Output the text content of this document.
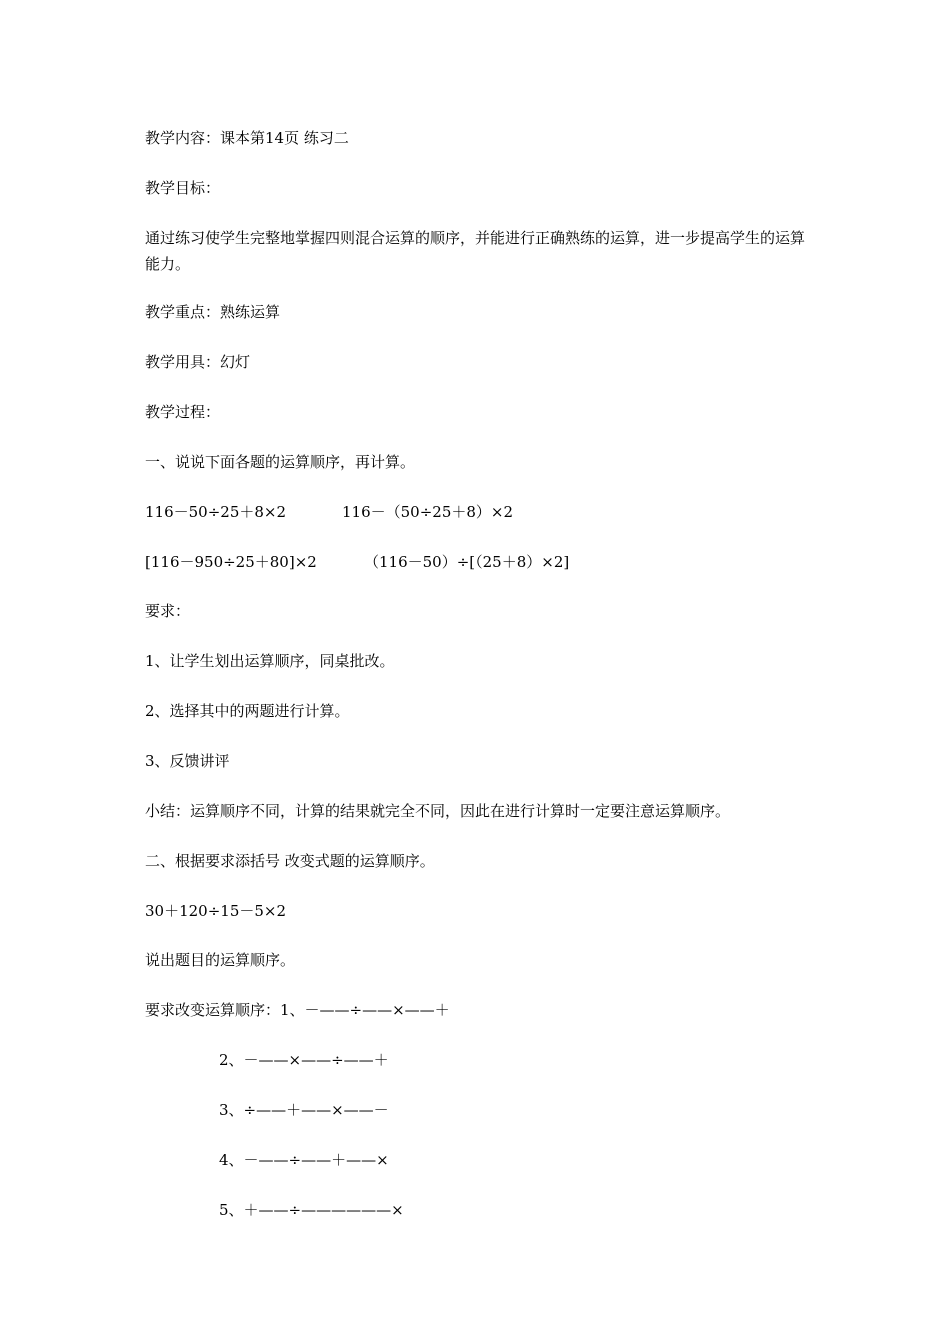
教学内容：课本第14页 练习二
教学目标：
通过练习使学生完整地掌握四则混合运算的顺序，并能进行正确熟练的运算，进一步提高学生的运算能力。
教学重点：熟练运算
教学用具：幻灯
教学过程：
一、说说下面各题的运算顺序，再计算。
116－50÷25＋8×2	116－（50÷25＋8）×2
[116－950÷25＋80]×2	（116－50）÷[（25＋8）×2]
要求：
1、让学生划出运算顺序，同桌批改。
2、选择其中的两题进行计算。
3、反馈讲评
小结：运算顺序不同，计算的结果就完全不同，因此在进行计算时一定要注意运算顺序。
二、根据要求添括号 改变式题的运算顺序。
30＋120÷15－5×2
说出题目的运算顺序。
要求改变运算顺序：1、－——÷——×——＋
2、－——×——÷——＋
3、÷——＋——×——－
4、－——÷——＋——×
5、＋——÷——————×
